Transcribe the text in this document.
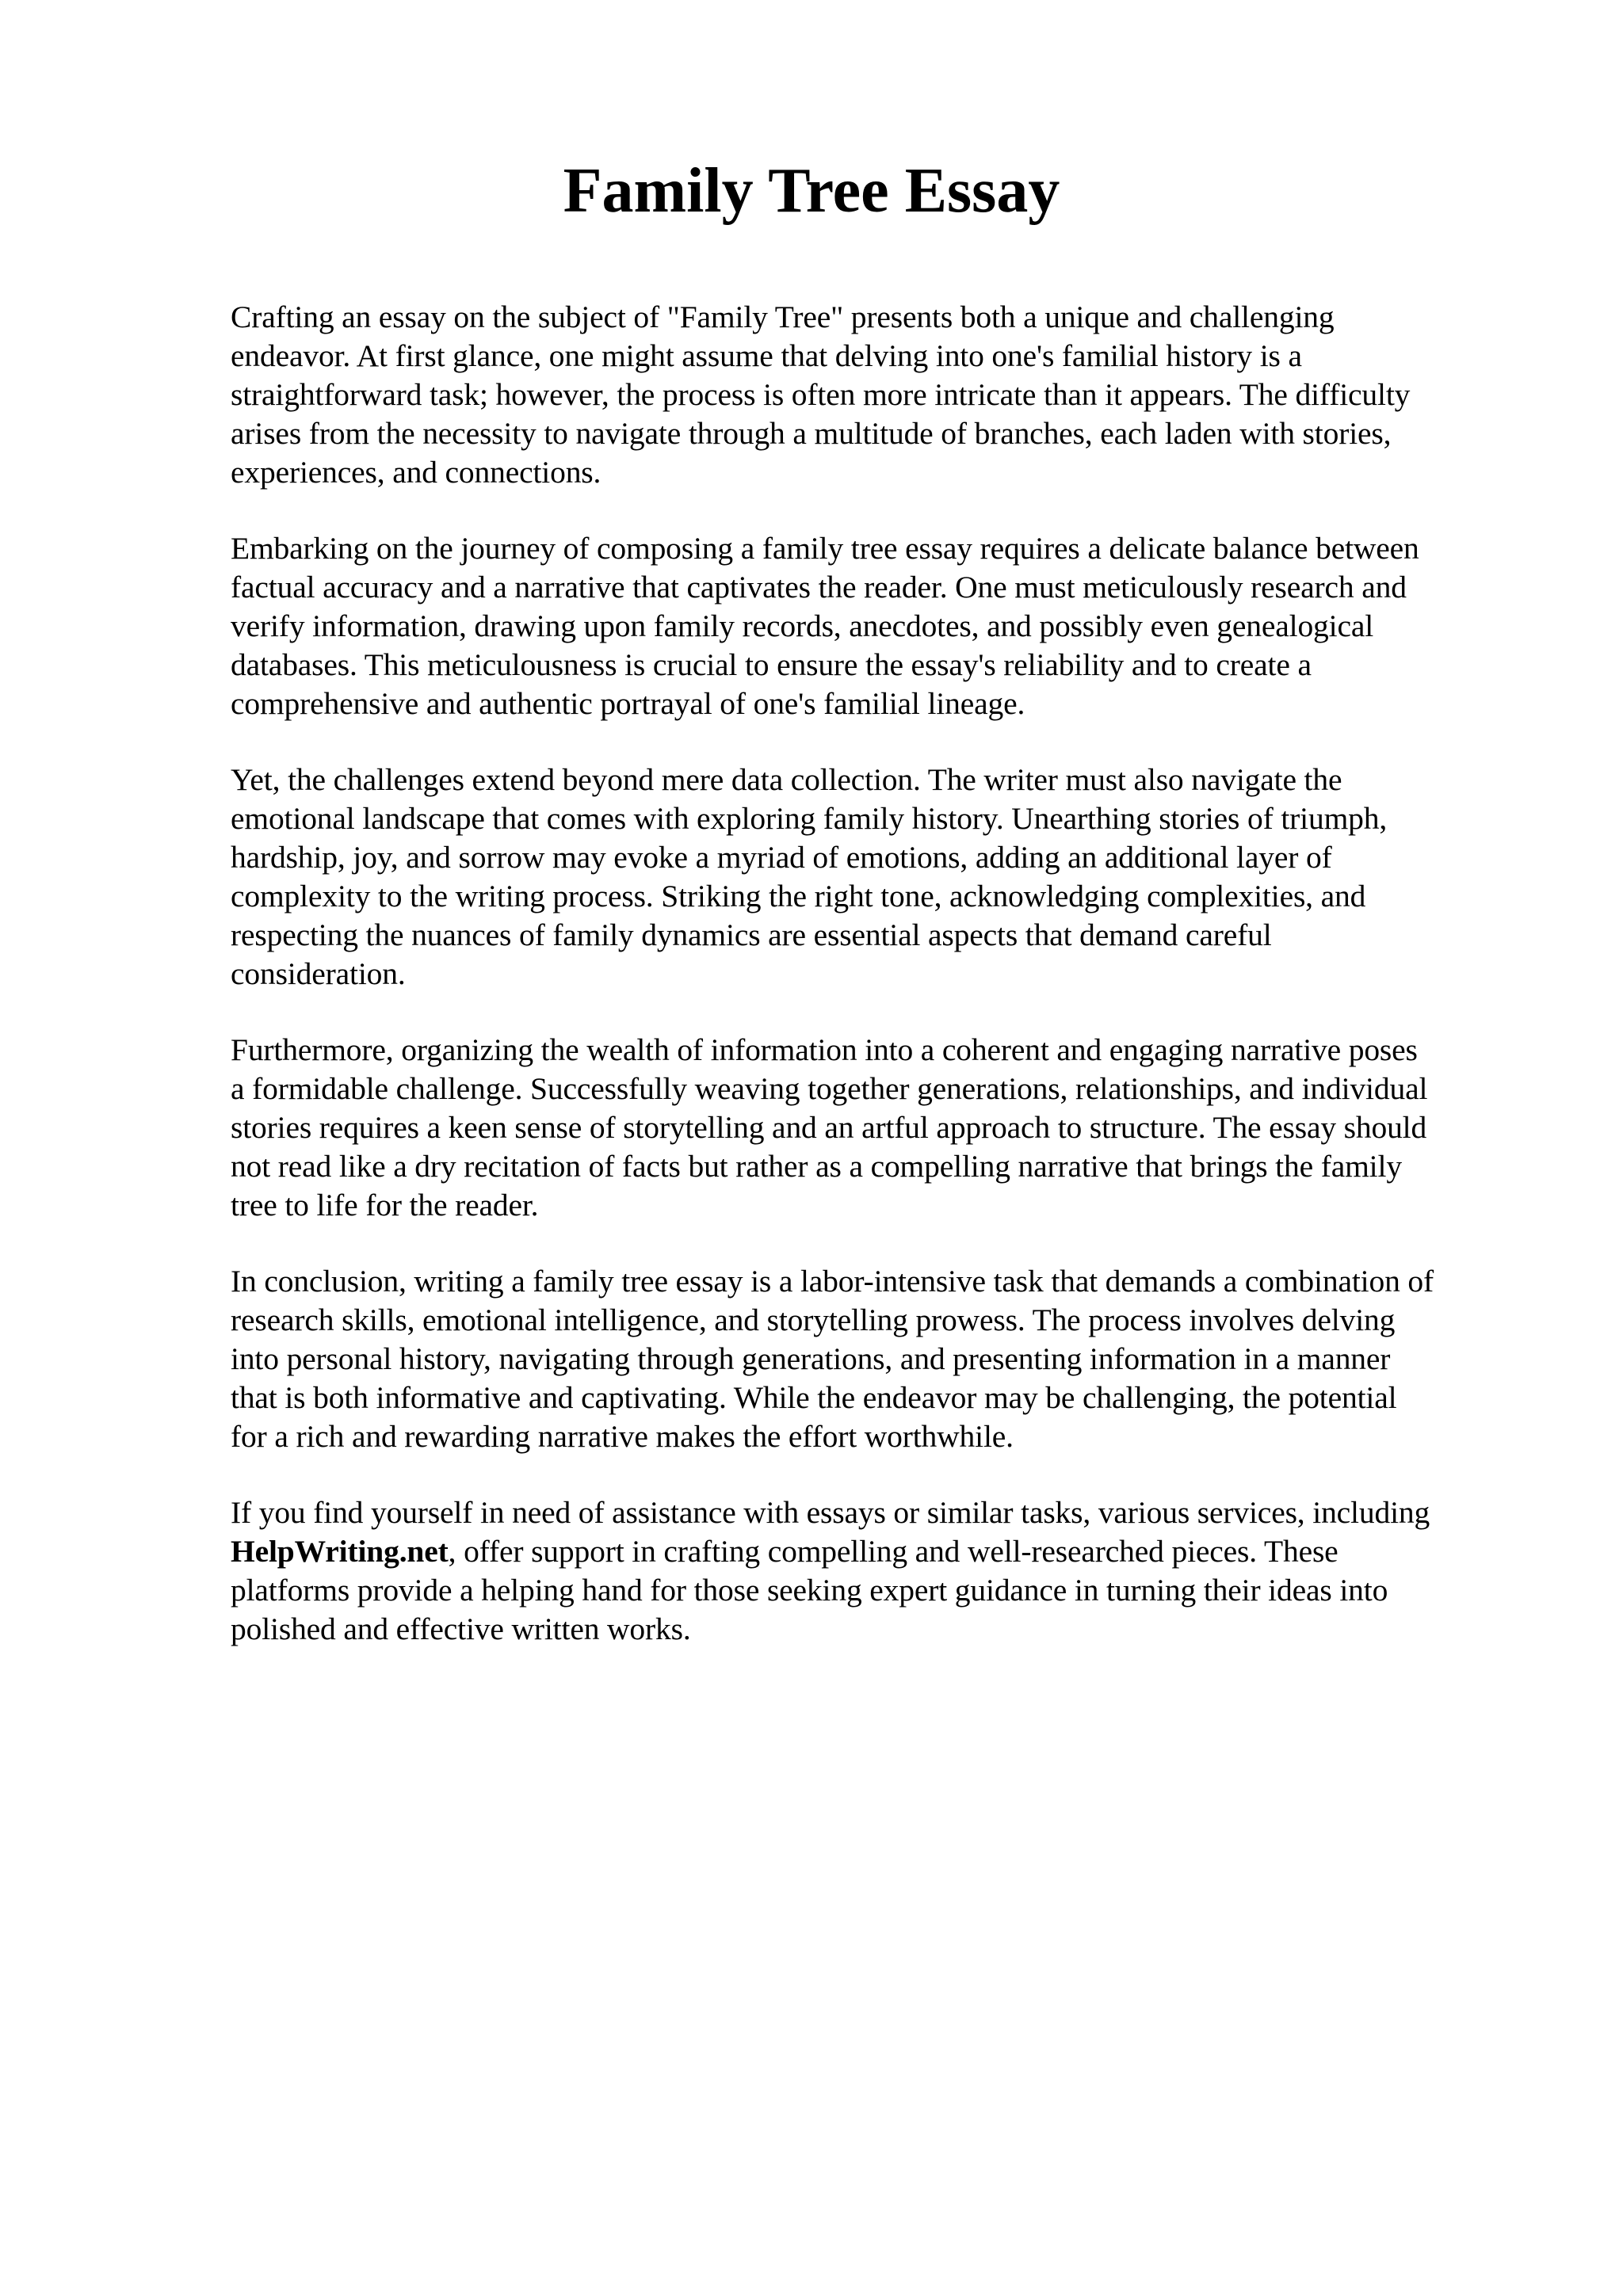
Family Tree Essay

Crafting an essay on the subject of "Family Tree" presents both a unique and challenging
endeavor. At first glance, one might assume that delving into one's familial history is a
straightforward task; however, the process is often more intricate than it appears. The difficulty
arises from the necessity to navigate through a multitude of branches, each laden with stories,
experiences, and connections.

Embarking on the journey of composing a family tree essay requires a delicate balance between
factual accuracy and a narrative that captivates the reader. One must meticulously research and
verify information, drawing upon family records, anecdotes, and possibly even genealogical
databases. This meticulousness is crucial to ensure the essay's reliability and to create a
comprehensive and authentic portrayal of one's familial lineage.

Yet, the challenges extend beyond mere data collection. The writer must also navigate the
emotional landscape that comes with exploring family history. Unearthing stories of triumph,
hardship, joy, and sorrow may evoke a myriad of emotions, adding an additional layer of
complexity to the writing process. Striking the right tone, acknowledging complexities, and
respecting the nuances of family dynamics are essential aspects that demand careful
consideration.

Furthermore, organizing the wealth of information into a coherent and engaging narrative poses
a formidable challenge. Successfully weaving together generations, relationships, and individual
stories requires a keen sense of storytelling and an artful approach to structure. The essay should
not read like a dry recitation of facts but rather as a compelling narrative that brings the family
tree to life for the reader.

In conclusion, writing a family tree essay is a labor-intensive task that demands a combination of
research skills, emotional intelligence, and storytelling prowess. The process involves delving
into personal history, navigating through generations, and presenting information in a manner
that is both informative and captivating. While the endeavor may be challenging, the potential
for a rich and rewarding narrative makes the effort worthwhile.

If you find yourself in need of assistance with essays or similar tasks, various services, including
HelpWriting.net, offer support in crafting compelling and well-researched pieces. These
platforms provide a helping hand for those seeking expert guidance in turning their ideas into
polished and effective written works.
